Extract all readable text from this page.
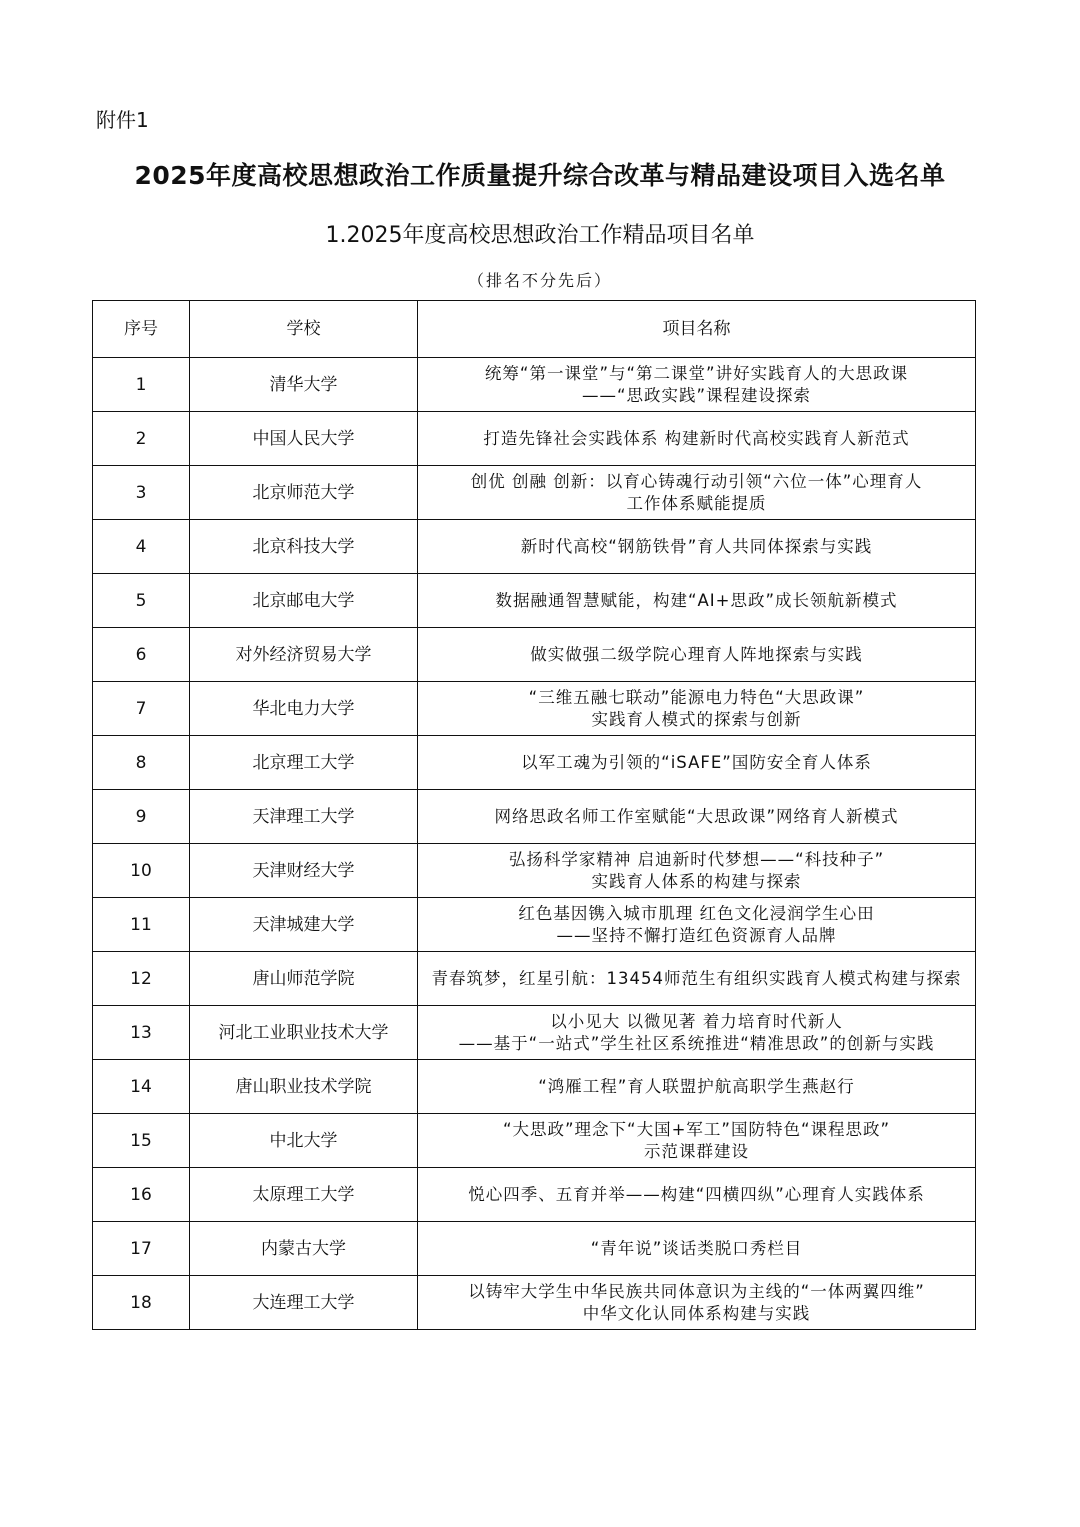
附件1
2025年度高校思想政治工作质量提升综合改革与精品建设项目入选名单
1.2025年度高校思想政治工作精品项目名单
（排名不分先后）
序号	学校	项目名称
1	清华大学	统筹“第一课堂”与“第二课堂”讲好实践育人的大思政课
——“思政实践”课程建设探索

2	中国人民大学	打造先锋社会实践体系 构建新时代高校实践育人新范式

3	北京师范大学	创优 创融 创新：以育心铸魂行动引领“六位一体”心理育人
工作体系赋能提质

4	北京科技大学	新时代高校“钢筋铁骨”育人共同体探索与实践

5	北京邮电大学	数据融通智慧赋能，构建“AI+思政”成长领航新模式

6	对外经济贸易大学	做实做强二级学院心理育人阵地探索与实践

7	华北电力大学	“三维五融七联动”能源电力特色“大思政课”
实践育人模式的探索与创新

8	北京理工大学	以军工魂为引领的“iSAFE”国防安全育人体系

9	天津理工大学	网络思政名师工作室赋能“大思政课”网络育人新模式

10	天津财经大学	弘扬科学家精神 启迪新时代梦想——“科技种子”
实践育人体系的构建与探索

11	天津城建大学	红色基因镌入城市肌理 红色文化浸润学生心田
——坚持不懈打造红色资源育人品牌

12	唐山师范学院	青春筑梦，红星引航：13454师范生有组织实践育人模式构建与探索

13	河北工业职业技术大学	以小见大 以微见著 着力培育时代新人
——基于“一站式”学生社区系统推进“精准思政”的创新与实践

14	唐山职业技术学院	“鸿雁工程”育人联盟护航高职学生燕赵行

15	中北大学	“大思政”理念下“大国+军工”国防特色“课程思政”
示范课群建设

16	太原理工大学	悦心四季、五育并举——构建“四横四纵”心理育人实践体系

17	内蒙古大学	“青年说”谈话类脱口秀栏目

18	大连理工大学	以铸牢大学生中华民族共同体意识为主线的“一体两翼四维”
中华文化认同体系构建与实践
